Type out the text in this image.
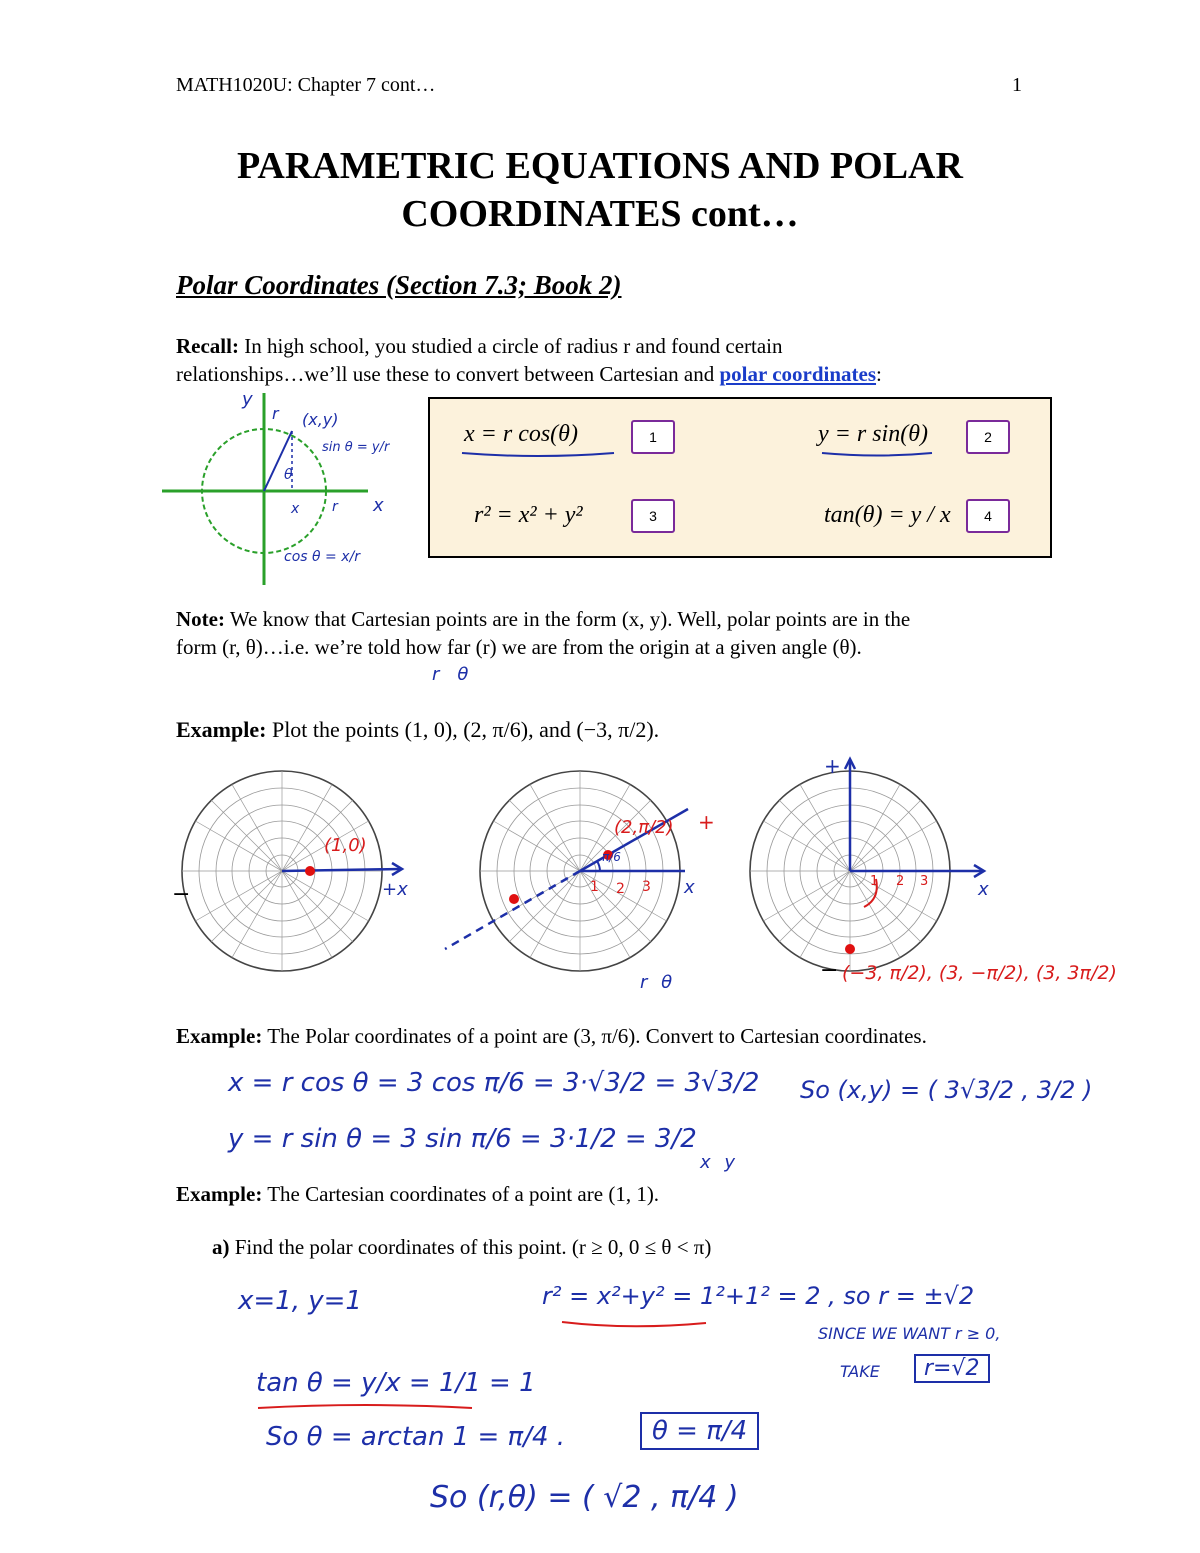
MATH1020U: Chapter 7 cont…	1
PARAMETRIC EQUATIONS AND POLAR
COORDINATES cont…
Polar Coordinates (Section 7.3; Book 2)
Recall: In high school, you studied a circle of radius r and found certain
relationships…we’ll use these to convert between Cartesian and polar coordinates:
y
r (x,y)
sin θ = y/r
θ
x r x
cos θ = x/r
x = r cos(θ)	1	y = r sin(θ)	2
r² = x² + y²	3	tan(θ) = y / x	4
Note: We know that Cartesian points are in the form (x, y). Well, polar points are in the
form (r, θ)…i.e. we’re told how far (r) we are from the origin at a given angle (θ).
rθ
Example: Plot the points (1, 0), (2, π/6), and (−3, π/2).
(1,0)
+x
−
(2,π/2) +
π/6
1 2 3 x
+
1 2 3	x
− (−3, π/2), (3, −π/2), (3, 3π/2)
r θ
Example: The Polar coordinates of a point are (3, π/6). Convert to Cartesian coordinates.
x = r cos θ = 3 cos π/6 = 3·√3/2 = 3√3/2
y = r sin θ = 3 sin π/6 = 3·1/2 = 3/2
So (x,y) = ( 3√3/2 , 3/2 )
x y
Example: The Cartesian coordinates of a point are (1, 1).
a) Find the polar coordinates of this point. (r ≥ 0, 0 ≤ θ < π)
x=1, y=1	r² = x²+y² = 1²+1² = 2 , so r = ±√2
SINCE WE WANT r ≥ 0,
TAKE	r=√2
tan θ = y/x = 1/1 = 1
So θ = arctan 1 = π/4 .	θ = π/4
So (r,θ) = ( √2 , π/4 )
